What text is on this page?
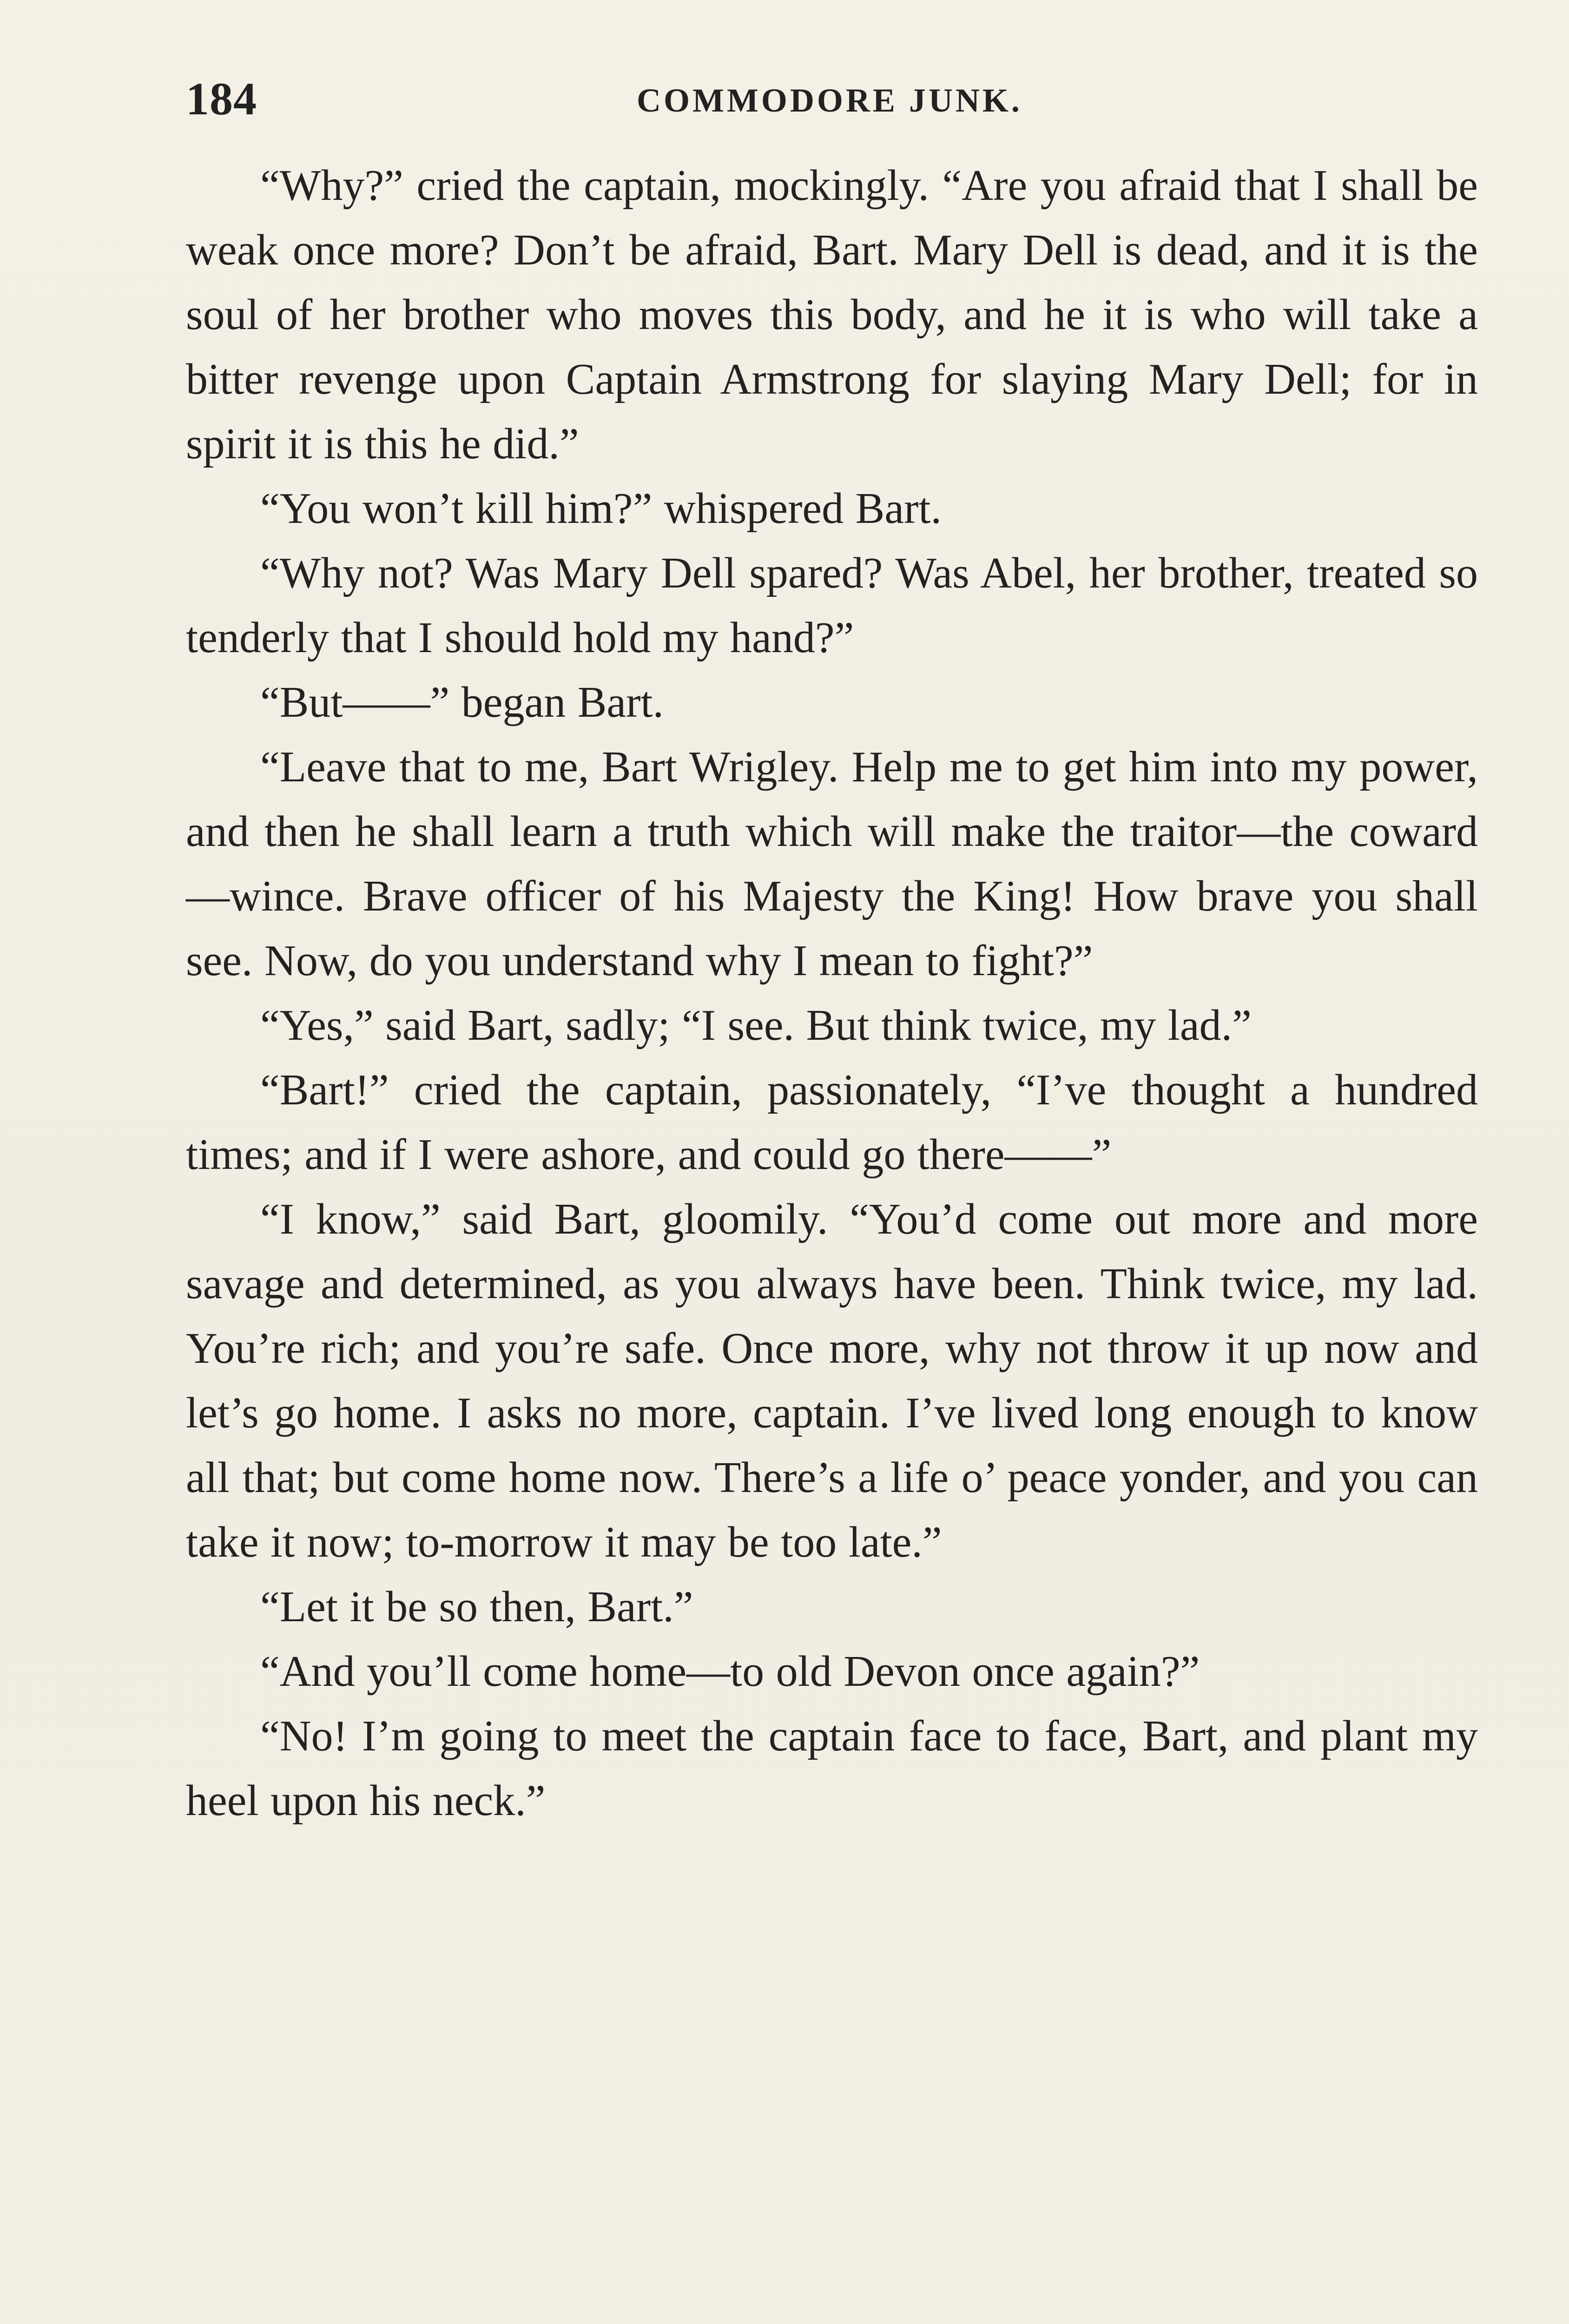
184	COMMODORE JUNK.

“Why?” cried the captain, mockingly. “Are you afraid that I shall be weak once more? Don’t be afraid, Bart. Mary Dell is dead, and it is the soul of her brother who moves this body, and he it is who will take a bitter revenge upon Captain Armstrong for slaying Mary Dell; for in spirit it is this he did.”

“You won’t kill him?” whispered Bart.

“Why not? Was Mary Dell spared? Was Abel, her brother, treated so tenderly that I should hold my hand?”

“But——” began Bart.

“Leave that to me, Bart Wrigley. Help me to get him into my power, and then he shall learn a truth which will make the traitor—the coward—wince. Brave officer of his Majesty the King! How brave you shall see. Now, do you understand why I mean to fight?”

“Yes,” said Bart, sadly; “I see. But think twice, my lad.”

“Bart!” cried the captain, passionately, “I’ve thought a hundred times; and if I were ashore, and could go there——”

“I know,” said Bart, gloomily. “You’d come out more and more savage and determined, as you always have been. Think twice, my lad. You’re rich; and you’re safe. Once more, why not throw it up now and let’s go home. I asks no more, captain. I’ve lived long enough to know all that; but come home now. There’s a life o’ peace yonder, and you can take it now; to-morrow it may be too late.”

“Let it be so then, Bart.”

“And you’ll come home—to old Devon once again?”

“No! I’m going to meet the captain face to face, Bart, and plant my heel upon his neck.”
